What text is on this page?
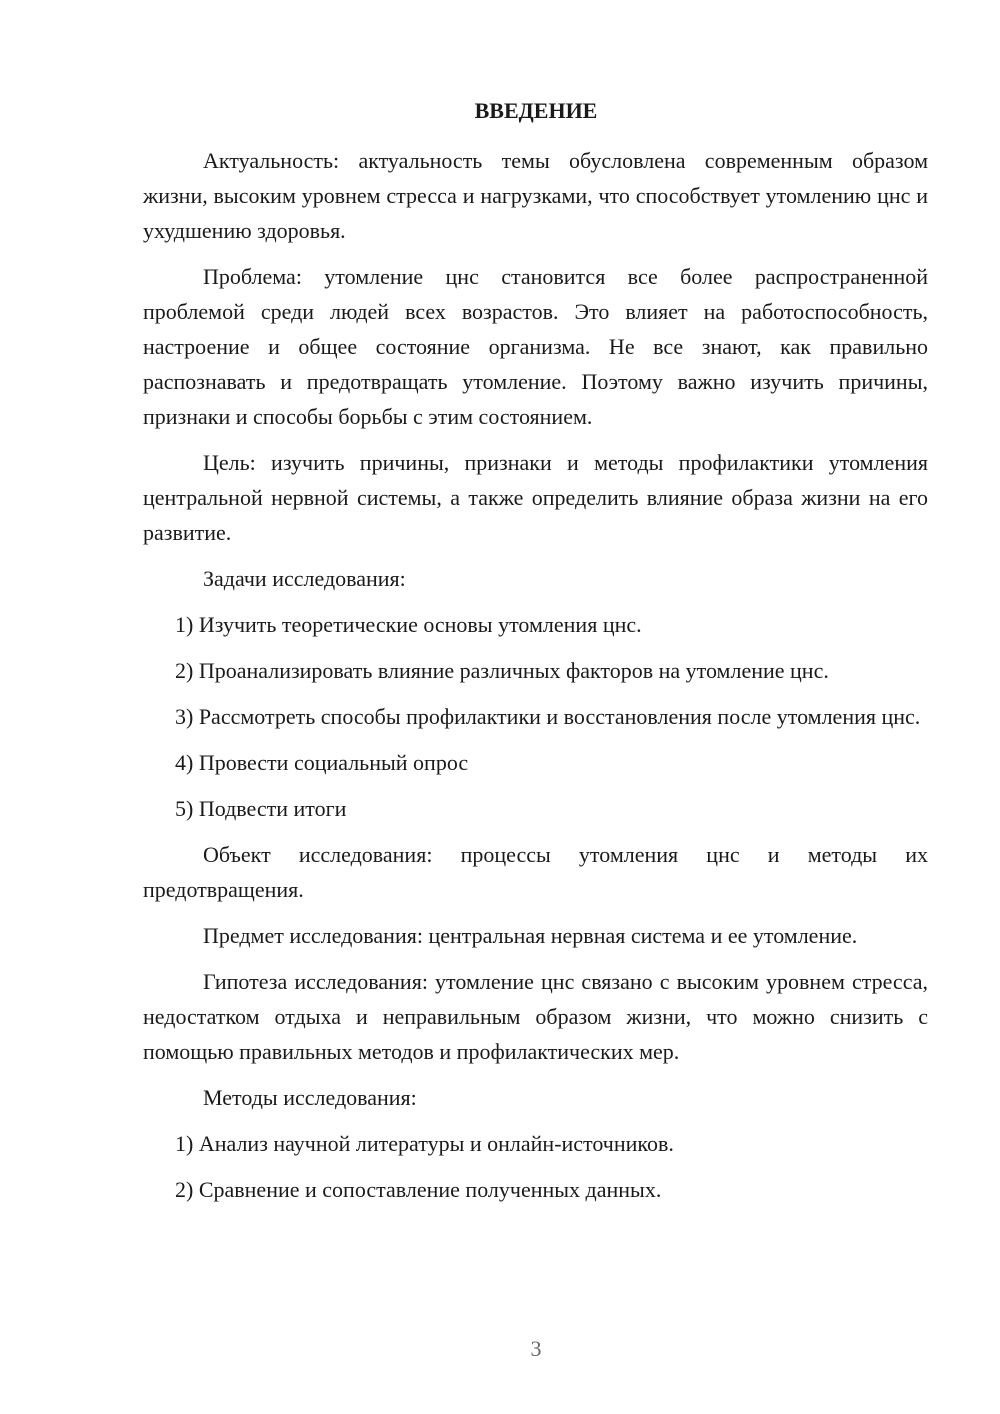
ВВЕДЕНИЕ

Актуальность: актуальность темы обусловлена современным образом жизни, высоким уровнем стресса и нагрузками, что способствует утомлению цнс и ухудшению здоровья.

Проблема: утомление цнс становится все более распространенной проблемой среди людей всех возрастов. Это влияет на работоспособность, настроение и общее состояние организма. Не все знают, как правильно распознавать и предотвращать утомление. Поэтому важно изучить причины, признаки и способы борьбы с этим состоянием.

Цель: изучить причины, признаки и методы профилактики утомления центральной нервной системы, а также определить влияние образа жизни на его развитие.

Задачи исследования:

1) Изучить теоретические основы утомления цнс.

2) Проанализировать влияние различных факторов на утомление цнс.

3) Рассмотреть способы профилактики и восстановления после утомления цнс.

4) Провести социальный опрос

5) Подвести итоги

Объект исследования: процессы утомления цнс и методы их предотвращения.

Предмет исследования: центральная нервная система и ее утомление.

Гипотеза исследования: утомление цнс связано с высоким уровнем стресса, недостатком отдыха и неправильным образом жизни, что можно снизить с помощью правильных методов и профилактических мер.

Методы исследования:

1) Анализ научной литературы и онлайн-источников.

2) Сравнение и сопоставление полученных данных.

3
